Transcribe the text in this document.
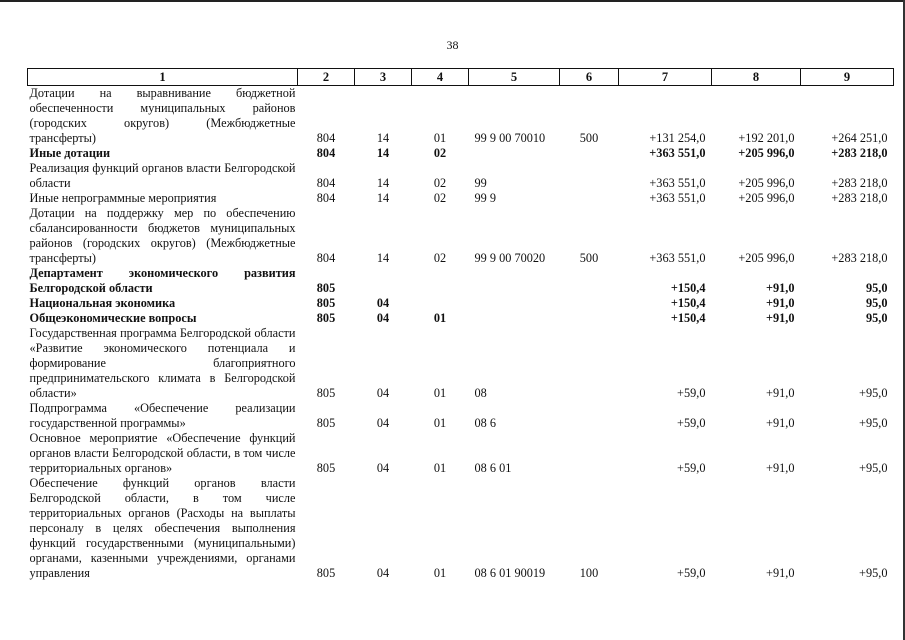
38
1	2	3	4	5	6	7	8	9
Дотации на выравнивание бюджетной обеспеченности муниципальных районов (городских округов) (Межбюджетные трансферты)	804	14	01	99 9 00 70010	500	+131 254,0	+192 201,0	+264 251,0
Иные дотации	804	14	02			+363 551,0	+205 996,0	+283 218,0
Реализация функций органов власти Белгородской области	804	14	02	99		+363 551,0	+205 996,0	+283 218,0
Иные непрограммные мероприятия	804	14	02	99 9		+363 551,0	+205 996,0	+283 218,0
Дотации на поддержку мер по обеспечению сбалансированности бюджетов муниципальных районов (городских округов) (Межбюджетные трансферты)	804	14	02	99 9 00 70020	500	+363 551,0	+205 996,0	+283 218,0
Департамент экономического развития Белгородской области	805					+150,4	+91,0	95,0
Национальная экономика	805	04				+150,4	+91,0	95,0
Общеэкономические вопросы	805	04	01			+150,4	+91,0	95,0
Государственная программа Белгородской области «Развитие экономического потенциала и формирование благоприятного предпринимательского климата в Белгородской области»	805	04	01	08		+59,0	+91,0	+95,0
Подпрограмма «Обеспечение реализации государственной программы»	805	04	01	08 6		+59,0	+91,0	+95,0
Основное мероприятие «Обеспечение функций органов власти Белгородской области, в том числе территориальных органов»	805	04	01	08 6 01		+59,0	+91,0	+95,0
Обеспечение функций органов власти Белгородской области, в том числе территориальных органов (Расходы на выплаты персоналу в целях обеспечения выполнения функций государственными (муниципальными) органами, казенными учреждениями, органами управления	805	04	01	08 6 01 90019	100	+59,0	+91,0	+95,0
